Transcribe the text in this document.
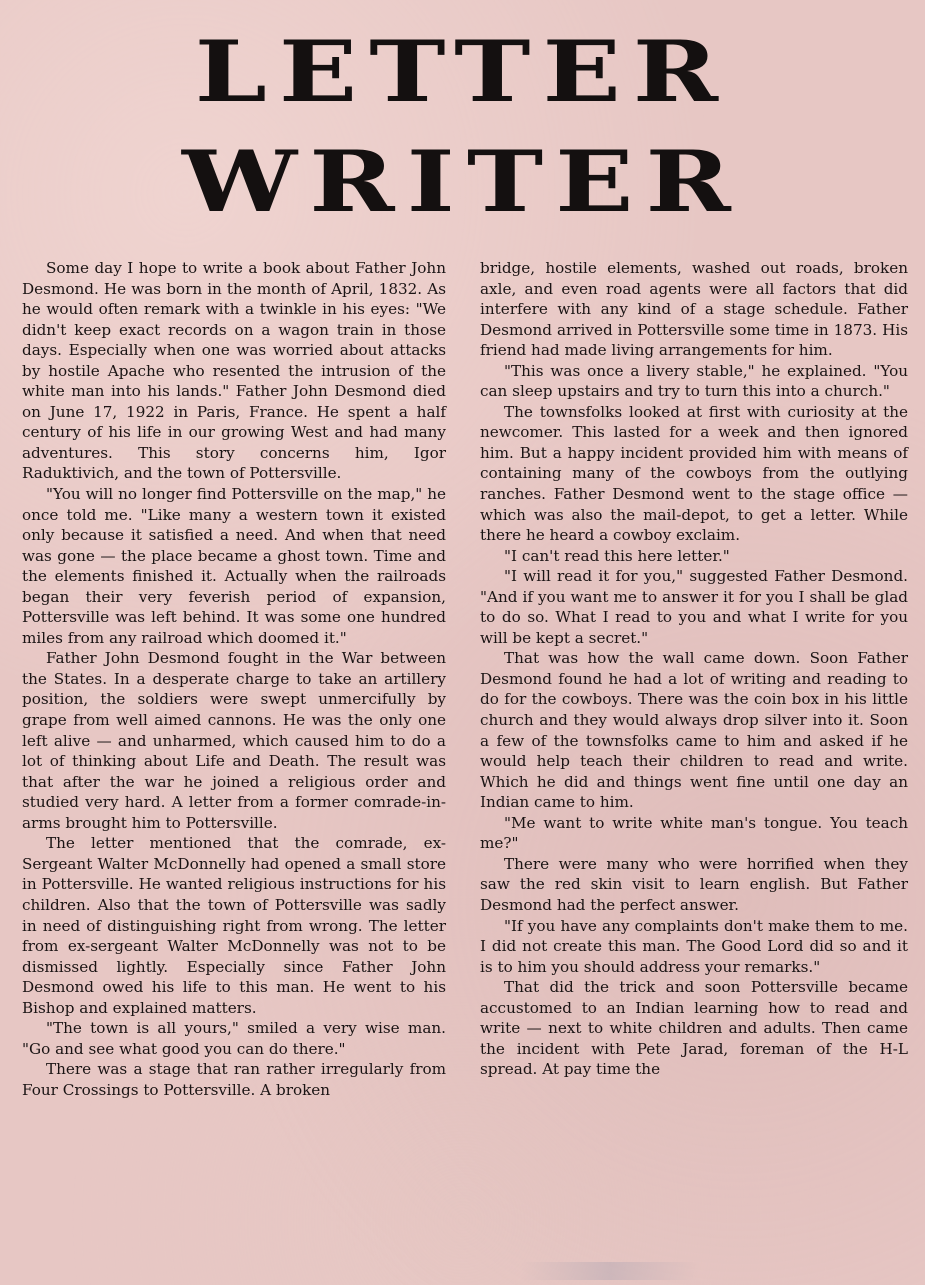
LETTER
WRITER

Some day I hope to write a book about Father John Desmond. He was born in the month of April, 1832. As he would often remark with a twinkle in his eyes: "We didn't keep exact records on a wagon train in those days. Especially when one was worried about attacks by hostile Apache who resented the intrusion of the white man into his lands." Father John Desmond died on June 17, 1922 in Paris, France. He spent a half century of his life in our growing West and had many adventures. This story concerns him, Igor Raduktivich, and the town of Pottersville.

"You will no longer find Pottersville on the map," he once told me. "Like many a western town it existed only because it satisfied a need. And when that need was gone — the place became a ghost town. Time and the elements finished it. Actually when the railroads began their very feverish period of expansion, Pottersville was left behind. It was some one hundred miles from any railroad which doomed it."

Father John Desmond fought in the War between the States. In a desperate charge to take an artillery position, the soldiers were swept unmercifully by grape from well aimed cannons. He was the only one left alive — and unharmed, which caused him to do a lot of thinking about Life and Death. The result was that after the war he joined a religious order and studied very hard. A letter from a former comrade-in-arms brought him to Pottersville.

The letter mentioned that the comrade, ex-Sergeant Walter McDonnelly had opened a small store in Pottersville. He wanted religious instructions for his children. Also that the town of Pottersville was sadly in need of distinguishing right from wrong. The letter from ex-sergeant Walter McDonnelly was not to be dismissed lightly. Especially since Father John Desmond owed his life to this man. He went to his Bishop and explained matters.

"The town is all yours," smiled a very wise man. "Go and see what good you can do there."

There was a stage that ran rather irregularly from Four Crossings to Pottersville. A broken

bridge, hostile elements, washed out roads, broken axle, and even road agents were all factors that did interfere with any kind of a stage schedule. Father Desmond arrived in Pottersville some time in 1873. His friend had made living arrangements for him.

"This was once a livery stable," he explained. "You can sleep upstairs and try to turn this into a church."

The townsfolks looked at first with curiosity at the newcomer. This lasted for a week and then ignored him. But a happy incident provided him with means of containing many of the cowboys from the outlying ranches. Father Desmond went to the stage office — which was also the mail-depot, to get a letter. While there he heard a cowboy exclaim.

"I can't read this here letter."

"I will read it for you," suggested Father Desmond. "And if you want me to answer it for you I shall be glad to do so. What I read to you and what I write for you will be kept a secret."

That was how the wall came down. Soon Father Desmond found he had a lot of writing and reading to do for the cowboys. There was the coin box in his little church and they would always drop silver into it. Soon a few of the townsfolks came to him and asked if he would help teach their children to read and write. Which he did and things went fine until one day an Indian came to him.

"Me want to write white man's tongue. You teach me?"

There were many who were horrified when they saw the red skin visit to learn english. But Father Desmond had the perfect answer.

"If you have any complaints don't make them to me. I did not create this man. The Good Lord did so and it is to him you should address your remarks."

That did the trick and soon Pottersville became accustomed to an Indian learning how to read and write — next to white children and adults. Then came the incident with Pete Jarad, foreman of the H-L spread. At pay time the
